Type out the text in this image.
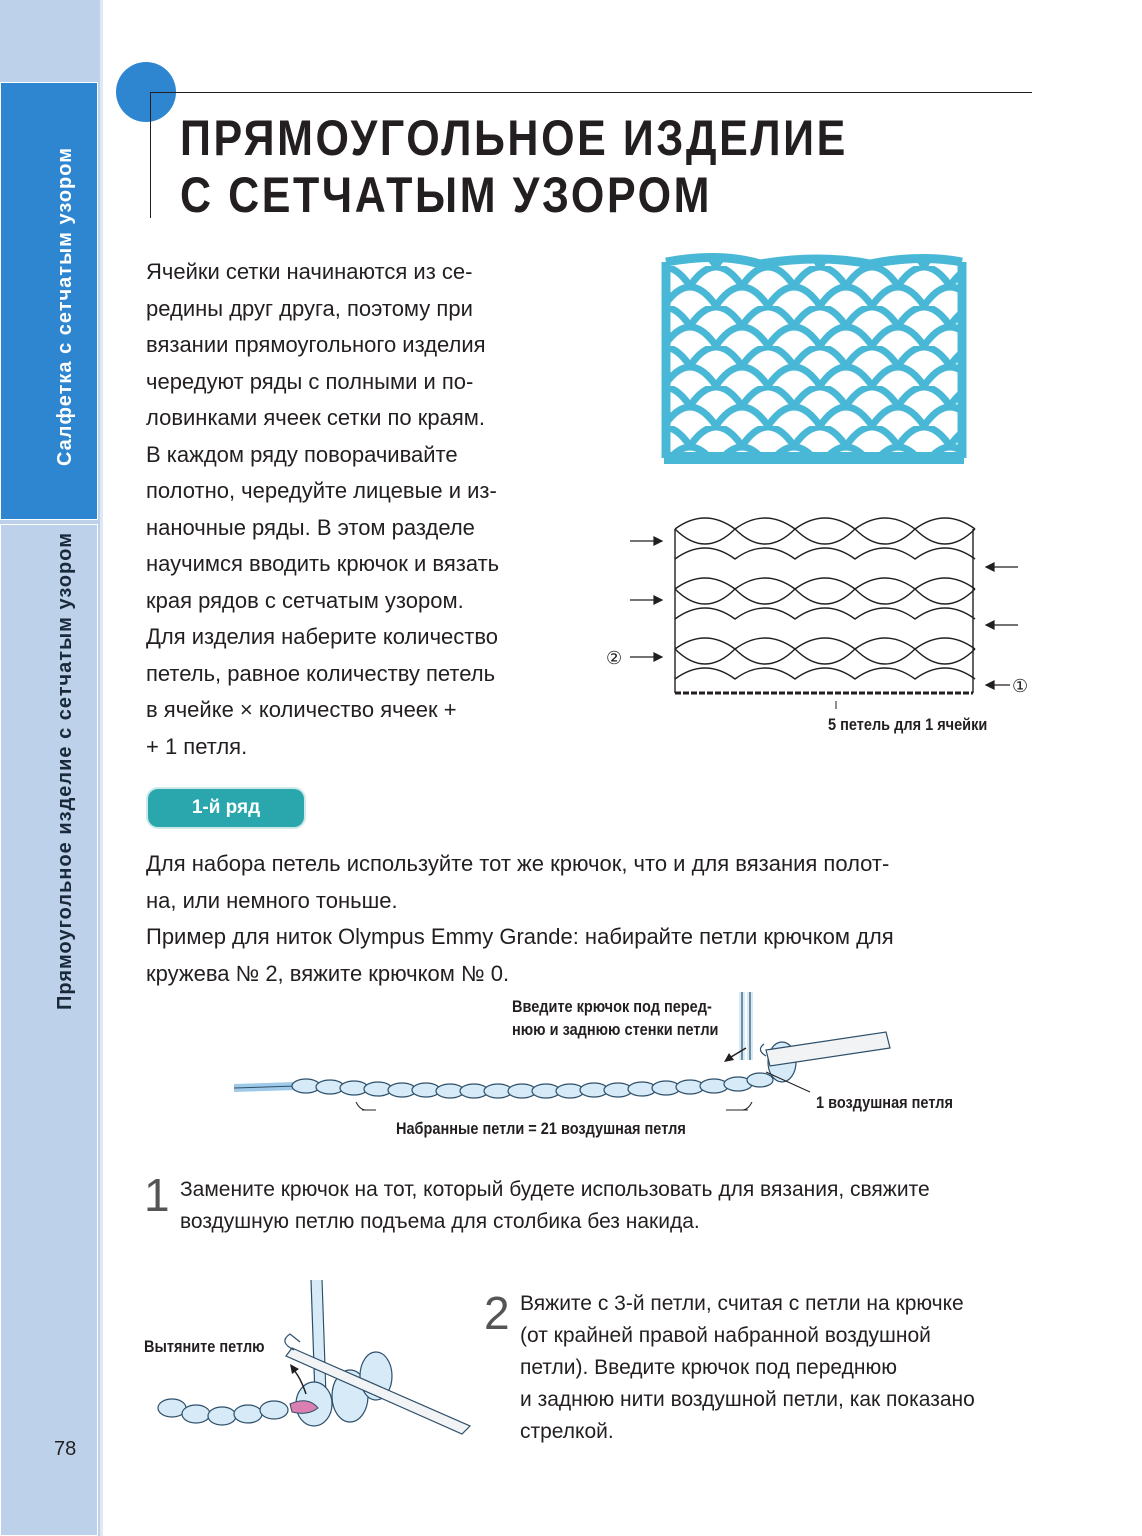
Салфетка с сетчатым узором
Прямоугольное изделие с сетчатым узором
78
ПРЯМОУГОЛЬНОЕ ИЗДЕЛИЕ
С СЕТЧАТЫМ УЗОРОМ
Ячейки сетки начинаются из се-
редины друг друга, поэтому при
вязании прямоугольного изделия
чередуют ряды с полными и по-
ловинками ячеек сетки по краям.
В каждом ряду поворачивайте
полотно, чередуйте лицевые и из-
наночные ряды. В этом разделе
научимся вводить крючок и вязать
края рядов с сетчатым узором.
Для изделия наберите количество
петель, равное количеству петель
в ячейке × количество ячеек +
+ 1 петля.
②
①
5 петель для 1 ячейки
1-й ряд
Для набора петель используйте тот же крючок, что и для вязания полот-
на, или немного тоньше.
Пример для ниток Olympus Emmy Grande: набирайте петли крючком для
кружева № 2, вяжите крючком № 0.
Введите крючок под перед-
нюю и заднюю стенки петли
1 воздушная петля
Набранные петли = 21 воздушная петля
1 Замените крючок на тот, который будете использовать для вязания, свяжите
воздушную петлю подъема для столбика без накида.
Вытяните петлю
2 Вяжите с 3-й петли, считая с петли на крючке
(от крайней правой набранной воздушной
петли). Введите крючок под переднюю
и заднюю нити воздушной петли, как показано
стрелкой.
